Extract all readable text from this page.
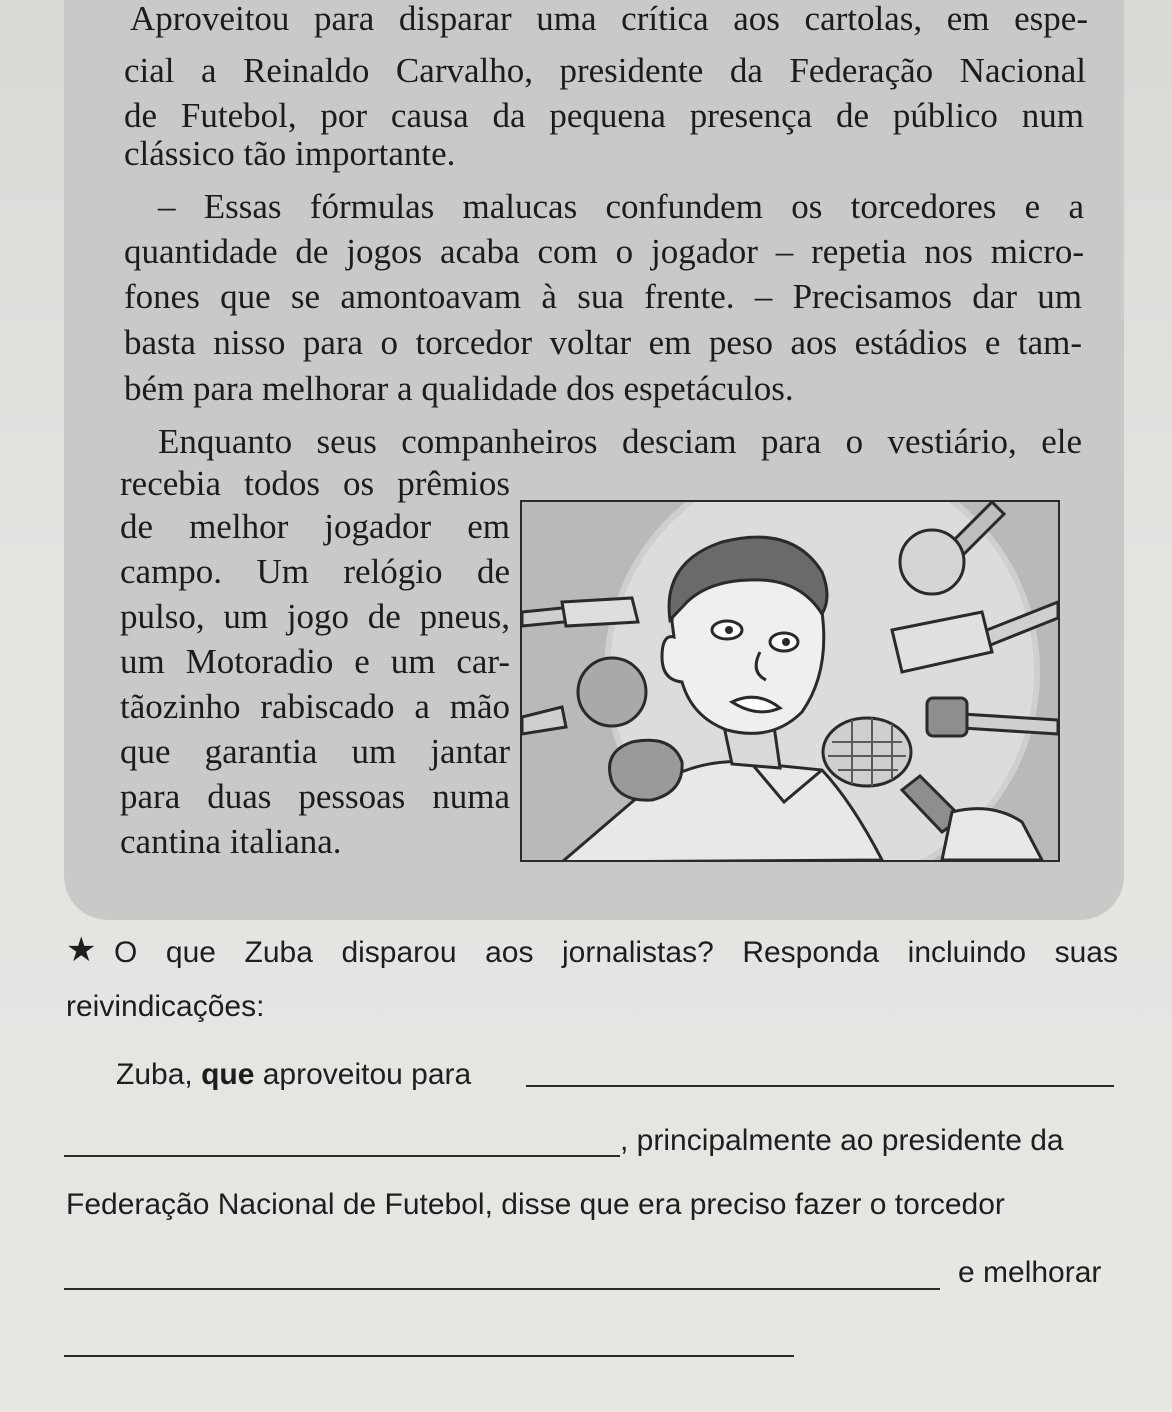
Aproveitou para disparar uma crítica aos cartolas, em espe-
cial a Reinaldo Carvalho, presidente da Federação Nacional
de Futebol, por causa da pequena presença de público num
clássico tão importante.
– Essas fórmulas malucas confundem os torcedores e a
quantidade de jogos acaba com o jogador – repetia nos micro-
fones que se amontoavam à sua frente. – Precisamos dar um
basta nisso para o torcedor voltar em peso aos estádios e tam-
bém para melhorar a qualidade dos espetáculos.
Enquanto seus companheiros desciam para o vestiário, ele
recebia todos os prêmios
de melhor jogador em
campo. Um relógio de
pulso, um jogo de pneus,
um Motoradio e um car-
tãozinho rabiscado a mão
que garantia um jantar
para duas pessoas numa
cantina italiana.
★ O que Zuba disparou aos jornalistas? Responda incluindo suas
reivindicações:
Zuba, que aproveitou para
, principalmente ao presidente da
Federação Nacional de Futebol, disse que era preciso fazer o torcedor
e melhorar
